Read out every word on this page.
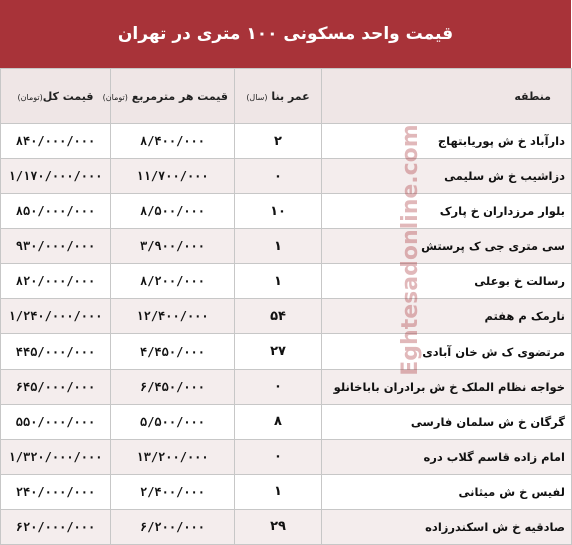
قیمت واحد مسکونی ۱۰۰ متری در تهران
منطقه	عمر بنا (سال)	قیمت هر مترمربع (تومان)	قیمت کل(تومان)
دارآباد خ ش پوریابتهاج	۲	۸/۴۰۰/۰۰۰	۸۴۰/۰۰۰/۰۰۰
دزاشیب خ ش سلیمی	۰	۱۱/۷۰۰/۰۰۰	۱/۱۷۰/۰۰۰/۰۰۰
بلوار مرزداران خ پارک	۱۰	۸/۵۰۰/۰۰۰	۸۵۰/۰۰۰/۰۰۰
سی متری جی ک پرستش	۱	۳/۹۰۰/۰۰۰	۹۳۰/۰۰۰/۰۰۰
رسالت خ بوعلی	۱	۸/۲۰۰/۰۰۰	۸۲۰/۰۰۰/۰۰۰
نارمک م هفتم	۵۴	۱۲/۴۰۰/۰۰۰	۱/۲۴۰/۰۰۰/۰۰۰
مرتضوی ک ش خان آبادی	۲۷	۴/۴۵۰/۰۰۰	۴۴۵/۰۰۰/۰۰۰
خواجه نظام الملک خ ش برادران باباخانلو	۰	۶/۴۵۰/۰۰۰	۶۴۵/۰۰۰/۰۰۰
گرگان خ ش سلمان فارسی	۸	۵/۵۰۰/۰۰۰	۵۵۰/۰۰۰/۰۰۰
امام زاده قاسم گلاب دره	۰	۱۳/۲۰۰/۰۰۰	۱/۳۲۰/۰۰۰/۰۰۰
لفیس خ ش میثانی	۱	۲/۴۰۰/۰۰۰	۲۴۰/۰۰۰/۰۰۰
صادقیه خ ش اسکندرزاده	۲۹	۶/۲۰۰/۰۰۰	۶۲۰/۰۰۰/۰۰۰
Eghtesadonline.com
